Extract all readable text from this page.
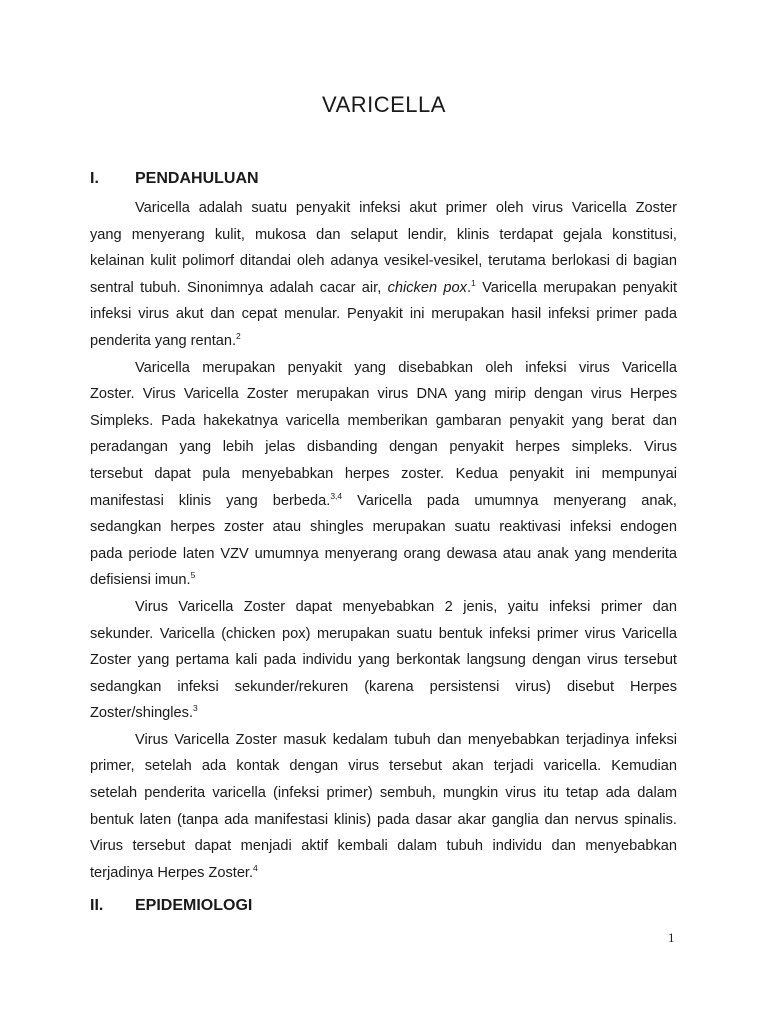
VARICELLA
I. PENDAHULUAN
Varicella adalah suatu penyakit infeksi akut primer oleh virus Varicella Zoster
yang menyerang kulit, mukosa dan selaput lendir, klinis terdapat gejala konstitusi,
kelainan kulit polimorf ditandai oleh adanya vesikel-vesikel, terutama berlokasi di bagian
sentral tubuh. Sinonimnya adalah cacar air, chicken pox.$^1$ Varicella merupakan penyakit
infeksi virus akut dan cepat menular. Penyakit ini merupakan hasil infeksi primer pada
penderita yang rentan.$^2$
Varicella merupakan penyakit yang disebabkan oleh infeksi virus Varicella
Zoster. Virus Varicella Zoster merupakan virus DNA yang mirip dengan virus Herpes
Simpleks. Pada hakekatnya varicella memberikan gambaran penyakit yang berat dan
peradangan yang lebih jelas disbanding dengan penyakit herpes simpleks. Virus
tersebut dapat pula menyebabkan herpes zoster. Kedua penyakit ini mempunyai
manifestasi klinis yang berbeda.$^{3,4}$ Varicella pada umumnya menyerang anak,
sedangkan herpes zoster atau shingles merupakan suatu reaktivasi infeksi endogen
pada periode laten VZV umumnya menyerang orang dewasa atau anak yang menderita
defisiensi imun.$^5$
Virus Varicella Zoster dapat menyebabkan 2 jenis, yaitu infeksi primer dan
sekunder. Varicella (chicken pox) merupakan suatu bentuk infeksi primer virus Varicella
Zoster yang pertama kali pada individu yang berkontak langsung dengan virus tersebut
sedangkan infeksi sekunder/rekuren (karena persistensi virus) disebut Herpes
Zoster/shingles.$^3$
Virus Varicella Zoster masuk kedalam tubuh dan menyebabkan terjadinya infeksi
primer, setelah ada kontak dengan virus tersebut akan terjadi varicella. Kemudian
setelah penderita varicella (infeksi primer) sembuh, mungkin virus itu tetap ada dalam
bentuk laten (tanpa ada manifestasi klinis) pada dasar akar ganglia dan nervus spinalis.
Virus tersebut dapat menjadi aktif kembali dalam tubuh individu dan menyebabkan
terjadinya Herpes Zoster.$^4$
II. EPIDEMIOLOGI
1
